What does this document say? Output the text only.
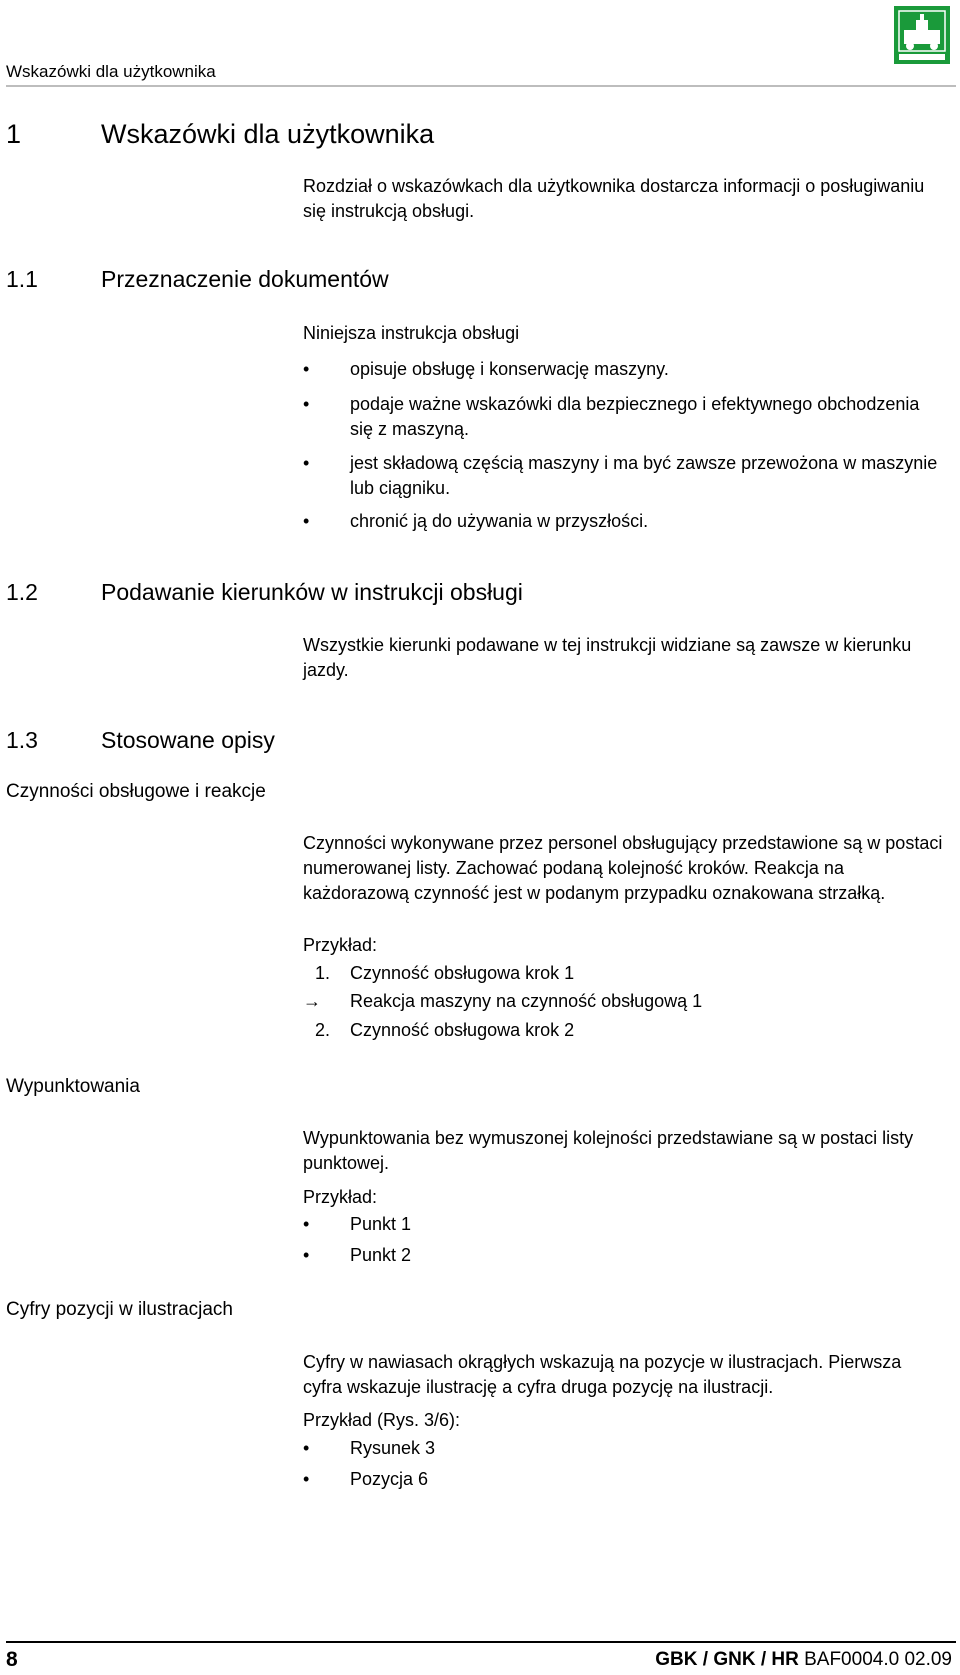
Wskazówki dla użytkownika
1	Wskazówki dla użytkownika

Rozdział o wskazówkach dla użytkownika dostarcza informacji o posługiwaniu się instrukcją obsługi.

1.1	Przeznaczenie dokumentów

Niniejsza instrukcja obsługi

• opisuje obsługę i konserwację maszyny.
• podaje ważne wskazówki dla bezpiecznego i efektywnego obchodzenia się z maszyną.
• jest składową częścią maszyny i ma być zawsze przewożona w maszynie lub ciągniku.
• chronić ją do używania w przyszłości.
1.2	Podawanie kierunków w instrukcji obsługi

Wszystkie kierunki podawane w tej instrukcji widziane są zawsze w kierunku jazdy.

1.3	Stosowane opisy
Czynności obsługowe i reakcje

Czynności wykonywane przez personel obsługujący przedstawione są w postaci numerowanej listy. Zachować podaną kolejność kroków. Reakcja na każdorazową czynność jest w podanym przypadku oznakowana strzałką.

Przykład:

1. Czynność obsługowa krok 1
→ Reakcja maszyny na czynność obsługową 1
2. Czynność obsługowa krok 2
Wypunktowania

Wypunktowania bez wymuszonej kolejności przedstawiane są w postaci listy punktowej.

Przykład:

• Punkt 1
• Punkt 2
Cyfry pozycji w ilustracjach

Cyfry w nawiasach okrągłych wskazują na pozycje w ilustracjach. Pierwsza cyfra wskazuje ilustrację a cyfra druga pozycję na ilustracji.

Przykład (Rys. 3/6):

• Rysunek 3
• Pozycja 6
8	GBK / GNK / HR BAF0004.0 02.09
